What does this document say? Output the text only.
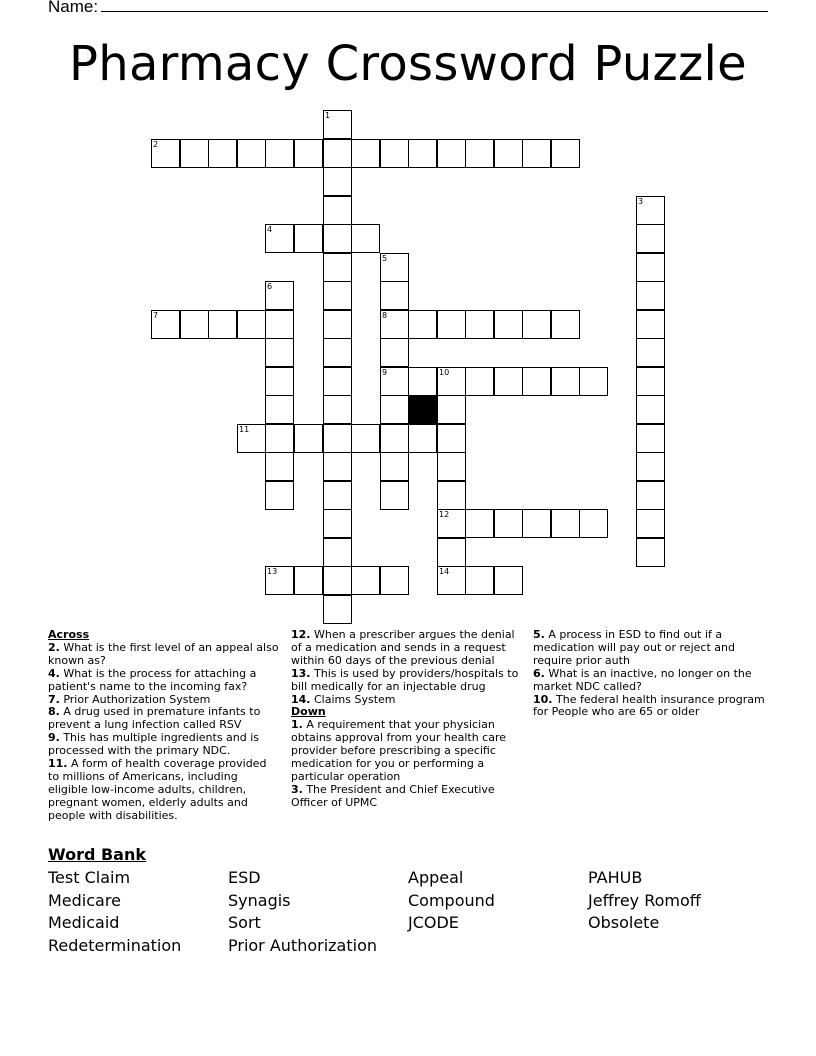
Name:
Pharmacy Crossword Puzzle
1
2
3
4
5
6
7	8
9	10
11
12
13	14
Across
2. What is the first level of an appeal also known as?
4. What is the process for attaching a patient's name to the incoming fax?
7. Prior Authorization System
8. A drug used in premature infants to prevent a lung infection called RSV
9. This has multiple ingredients and is processed with the primary NDC.
11. A form of health coverage provided to millions of Americans, including eligible low-income adults, children, pregnant women, elderly adults and people with disabilities.
12. When a prescriber argues the denial of a medication and sends in a request within 60 days of the previous denial
13. This is used by providers/hospitals to bill medically for an injectable drug
14. Claims System
Down
1. A requirement that your physician obtains approval from your health care provider before prescribing a specific medication for you or performing a particular operation
3. The President and Chief Executive Officer of UPMC
5. A process in ESD to find out if a medication will pay out or reject and require prior auth
6. What is an inactive, no longer on the market NDC called?
10. The federal health insurance program for People who are 65 or older
Word Bank
Test Claim	ESD	Appeal	PAHUB
Medicare	Synagis	Compound	Jeffrey Romoff
Medicaid	Sort	JCODE	Obsolete
Redetermination	Prior Authorization
